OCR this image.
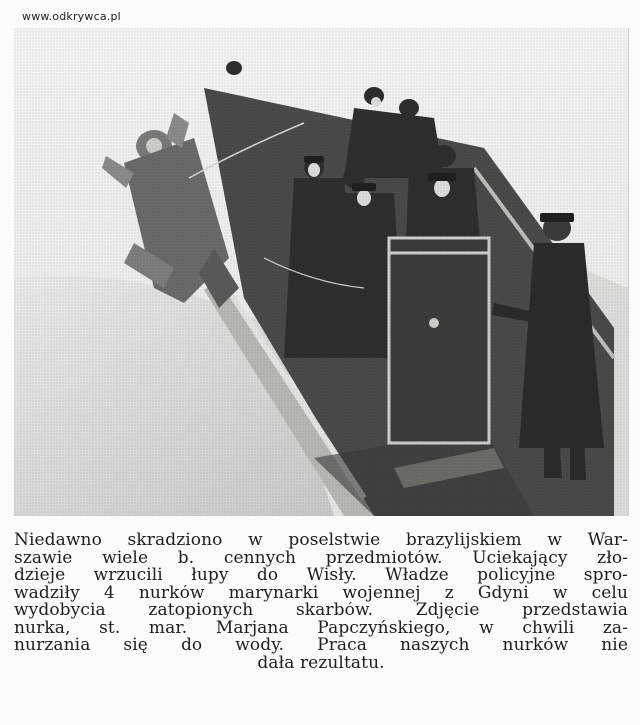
www.odkrywca.pl
Niedawno skradziono w poselstwie brazylijskiem w War-
szawie wiele b. cennych przedmiotów. Uciekający zło-
dzieje wrzucili łupy do Wisły. Władze policyjne spro-
wadziły 4 nurków marynarki wojennej z Gdyni w celu
wydobycia zatopionych skarbów. Zdjęcie przedstawia
nurka, st. mar. Marjana Papczyńskiego, w chwili za-
nurzania się do wody. Praca naszych nurków nie
dała rezultatu.
